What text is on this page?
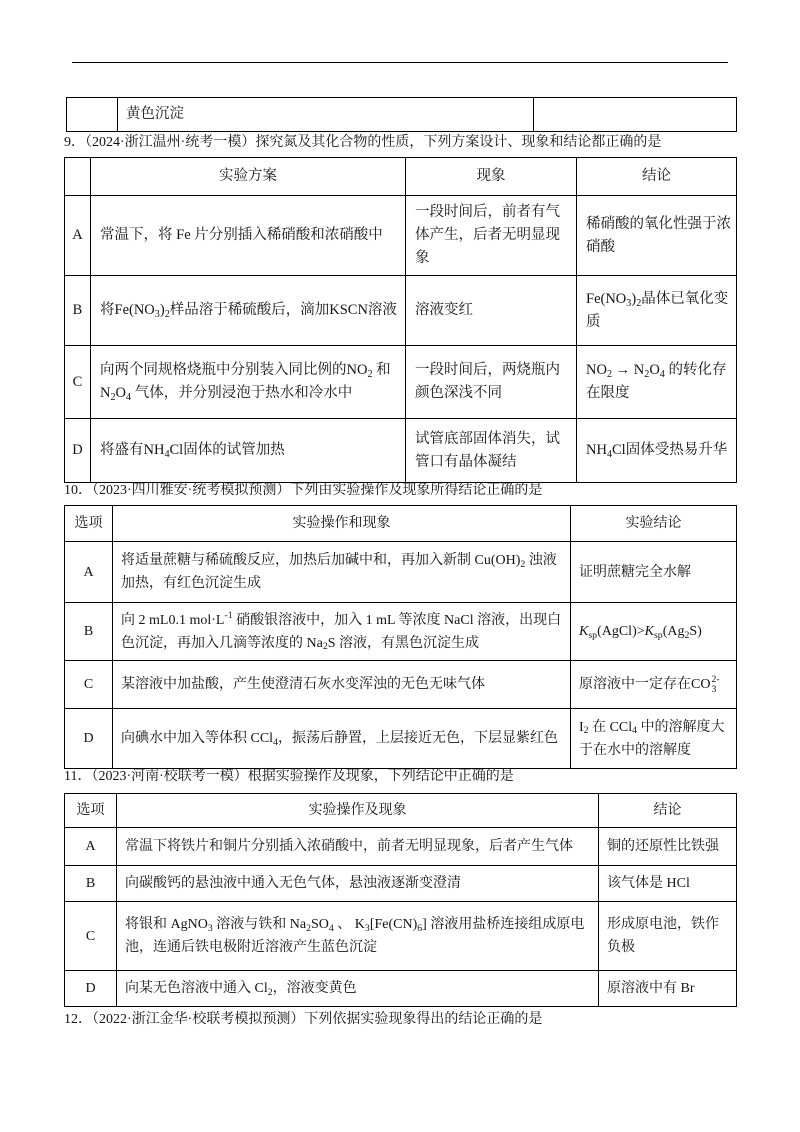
	黄色沉淀	
9．（2024·浙江温州·统考一模）探究氮及其化合物的性质，下列方案设计、现象和结论都正确的是
	实验方案	现象	结论
A	常温下，将 Fe 片分别插入稀硝酸和浓硝酸中	一段时间后，前者有气体产生，后者无明显现象	稀硝酸的氧化性强于浓硝酸
B	将$Fe(NO_3)_2$样品溶于稀硫酸后，滴加KSCN溶液	溶液变红	$Fe(NO_3)_2$晶体已氧化变质
C	向两个同规格烧瓶中分别装入同比例的$NO_2$ 和 $N_2O_4$ 气体，并分别浸泡于热水和冷水中	一段时间后，两烧瓶内颜色深浅不同	$NO_2 \to N_2O_4$ 的转化存在限度
D	将盛有$NH_4Cl$固体的试管加热	试管底部固体消失，试管口有晶体凝结	$NH_4Cl$固体受热易升华
10．（2023·四川雅安·统考模拟预测）下列由实验操作及现象所得结论正确的是
选项	实验操作和现象	实验结论
A	将适量蔗糖与稀硫酸反应，加热后加碱中和，再加入新制 $Cu(OH)_2$ 浊液加热，有红色沉淀生成	证明蔗糖完全水解
B	向 2 mL0.1 $mol\cdot L^{-1}$ 硝酸银溶液中，加入 1 mL 等浓度 NaCl 溶液，出现白色沉淀，再加入几滴等浓度的 $Na_2S$ 溶液，有黑色沉淀生成	$K_{sp}(AgCl)>K_{sp}(Ag_2S)$
C	某溶液中加盐酸，产生使澄清石灰水变浑浊的无色无味气体	原溶液中一定存在CO 2-
3

D	向碘水中加入等体积 CCl$_4$，振荡后静置，上层接近无色，下层显紫红色	$I_2$ 在 CCl$_4$ 中的溶解度大于在水中的溶解度
11．（2023·河南·校联考一模）根据实验操作及现象，下列结论中正确的是
选项	实验操作及现象	结论
A	常温下将铁片和铜片分别插入浓硝酸中，前者无明显现象，后者产生气体	铜的还原性比铁强
B	向碳酸钙的悬浊液中通入无色气体，悬浊液逐渐变澄清	该气体是 HCl
C	将银和 AgNO$_3$ 溶液与铁和 $Na_2SO_4$ 、 $K_3[Fe(CN)_6]$ 溶液用盐桥连接组成原电池，连通后铁电极附近溶液产生蓝色沉淀	形成原电池，铁作负极
D	向某无色溶液中通入 $Cl_2$，溶液变黄色	原溶液中有 Br
12．（2022·浙江金华·校联考模拟预测）下列依据实验现象得出的结论正确的是
